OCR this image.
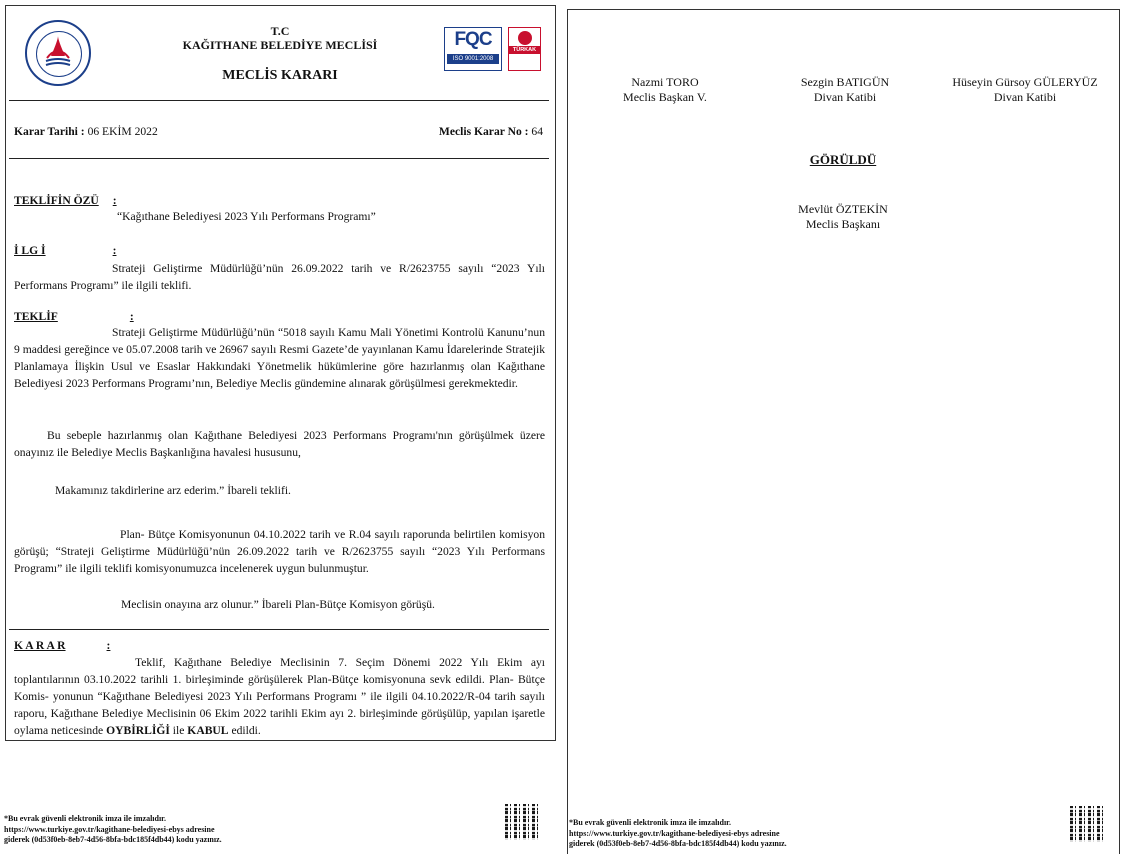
T.C
KAĞITHANE BELEDİYE MECLİSİ
MECLİS KARARI
FQC
ISO 9001:2008
TÜRKAK
Karar Tarihi : 06 EKİM 2022	Meclis Karar No : 64
TEKLİFİN ÖZÜ :
“Kağıthane Belediyesi 2023 Yılı Performans Programı”
İ LG İ	:
Strateji Geliştirme Müdürlüğü’nün 26.09.2022 tarih ve R/2623755 sayılı “2023 Yılı Performans Programı” ile ilgili teklifi.
TEKLİF	:
Strateji Geliştirme Müdürlüğü’nün “5018 sayılı Kamu Mali Yönetimi Kontrolü Kanunu’nun 9 maddesi gereğince ve 05.07.2008 tarih ve 26967 sayılı Resmi Gazete’de yayınlanan Kamu İdarelerinde Stratejik Planlamaya İlişkin Usul ve Esaslar Hakkındaki Yönetmelik hükümlerine göre hazırlanmış olan Kağıthane Belediyesi 2023 Performans Programı’nın, Belediye Meclis gündemine alınarak görüşülmesi gerekmektedir.
Bu sebeple hazırlanmış olan Kağıthane Belediyesi 2023 Performans Programı'nın görüşülmek üzere onayınız ile Belediye Meclis Başkanlığına havalesi hususunu,
Makamınız takdirlerine arz ederim.” İbareli teklifi.
Plan- Bütçe Komisyonunun 04.10.2022 tarih ve R.04 sayılı raporunda belirtilen komisyon görüşü; “Strateji Geliştirme Müdürlüğü’nün 26.09.2022 tarih ve R/2623755 sayılı “2023 Yılı Performans Programı” ile ilgili teklifi komisyonumuzca incelenerek uygun bulunmuştur.
Meclisin onayına arz olunur.” İbareli Plan-Bütçe Komisyon görüşü.
K A R A R	:
Teklif, Kağıthane Belediye Meclisinin 7. Seçim Dönemi 2022 Yılı Ekim ayı toplantılarının 03.10.2022 tarihli 1. birleşiminde görüşülerek Plan-Bütçe komisyonuna sevk edildi. Plan- Bütçe Komis- yonunun “Kağıthane Belediyesi 2023 Yılı Performans Programı ” ile ilgili 04.10.2022/R-04 tarih sayılı raporu, Kağıthane Belediye Meclisinin 06 Ekim 2022 tarihli Ekim ayı 2. birleşiminde görüşülüp, yapılan işaretle oylama neticesinde OYBİRLİĞİ ile KABUL edildi.
*Bu evrak güvenli elektronik imza ile imzalıdır.
https://www.turkiye.gov.tr/kagithane-belediyesi-ebys adresine
giderek (0d53f0eb-8eb7-4d56-8bfa-bdc185f4db44) kodu yazınız.
Nazmi TORO
Meclis Başkan V.
Sezgin BATIGÜN
Divan Katibi
Hüseyin Gürsoy GÜLERYÜZ
Divan Katibi
GÖRÜLDÜ
Mevlüt ÖZTEKİN
Meclis Başkanı
*Bu evrak güvenli elektronik imza ile imzalıdır.
https://www.turkiye.gov.tr/kagithane-belediyesi-ebys adresine
giderek (0d53f0eb-8eb7-4d56-8bfa-bdc185f4db44) kodu yazınız.
